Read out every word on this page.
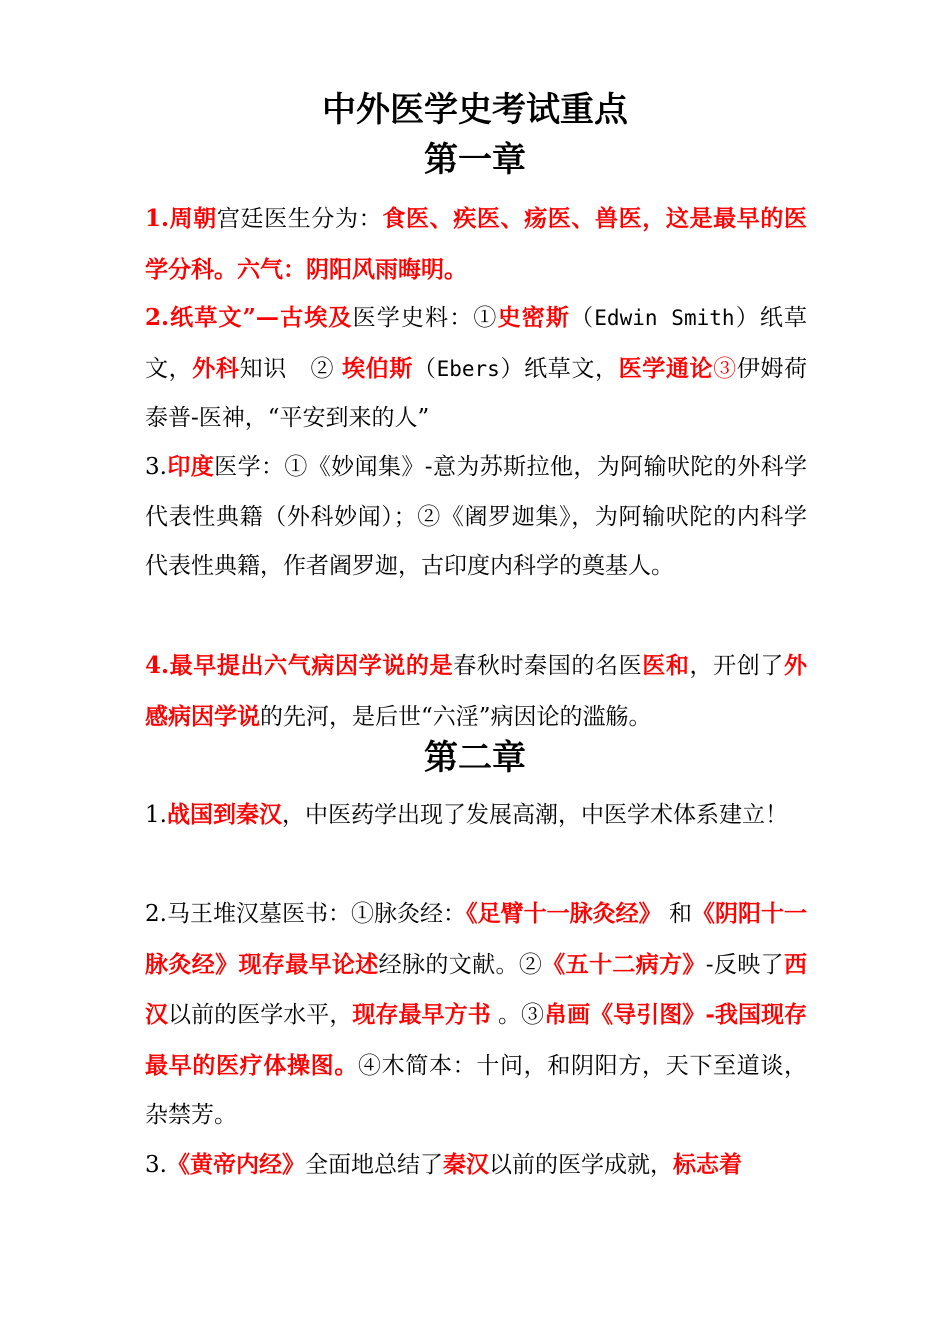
中外医学史考试重点
第一章

1.周朝宫廷医生分为：食医、疾医、疡医、兽医，这是最早的医学分科。六气：阴阳风雨晦明。

2.纸草文”—古埃及医学史料：①史密斯（Edwin Smith）纸草文，外科知识　② 埃伯斯（Ebers）纸草文，医学通论③伊姆荷泰普-医神，“平安到来的人”

3.印度医学：①《妙闻集》-意为苏斯拉他，为阿输吠陀的外科学代表性典籍（外科妙闻）；②《阇罗迦集》，为阿输吠陀的内科学代表性典籍，作者阇罗迦，古印度内科学的奠基人。

4.最早提出六气病因学说的是春秋时秦国的名医医和，开创了外感病因学说的先河，是后世“六淫”病因论的滥觞。

第二章

1.战国到秦汉，中医药学出现了发展高潮，中医学术体系建立！

2.马王堆汉墓医书：①脉灸经：《足臂十一脉灸经》 和《阴阳十一脉灸经》现存最早论述经脉的文献。②《五十二病方》-反映了西汉以前的医学水平，现存最早方书 。③帛画《导引图》-我国现存最早的医疗体操图。④木简本：十问，和阴阳方，天下至道谈，杂禁芳。

3.《黄帝内经》全面地总结了秦汉以前的医学成就，标志着
